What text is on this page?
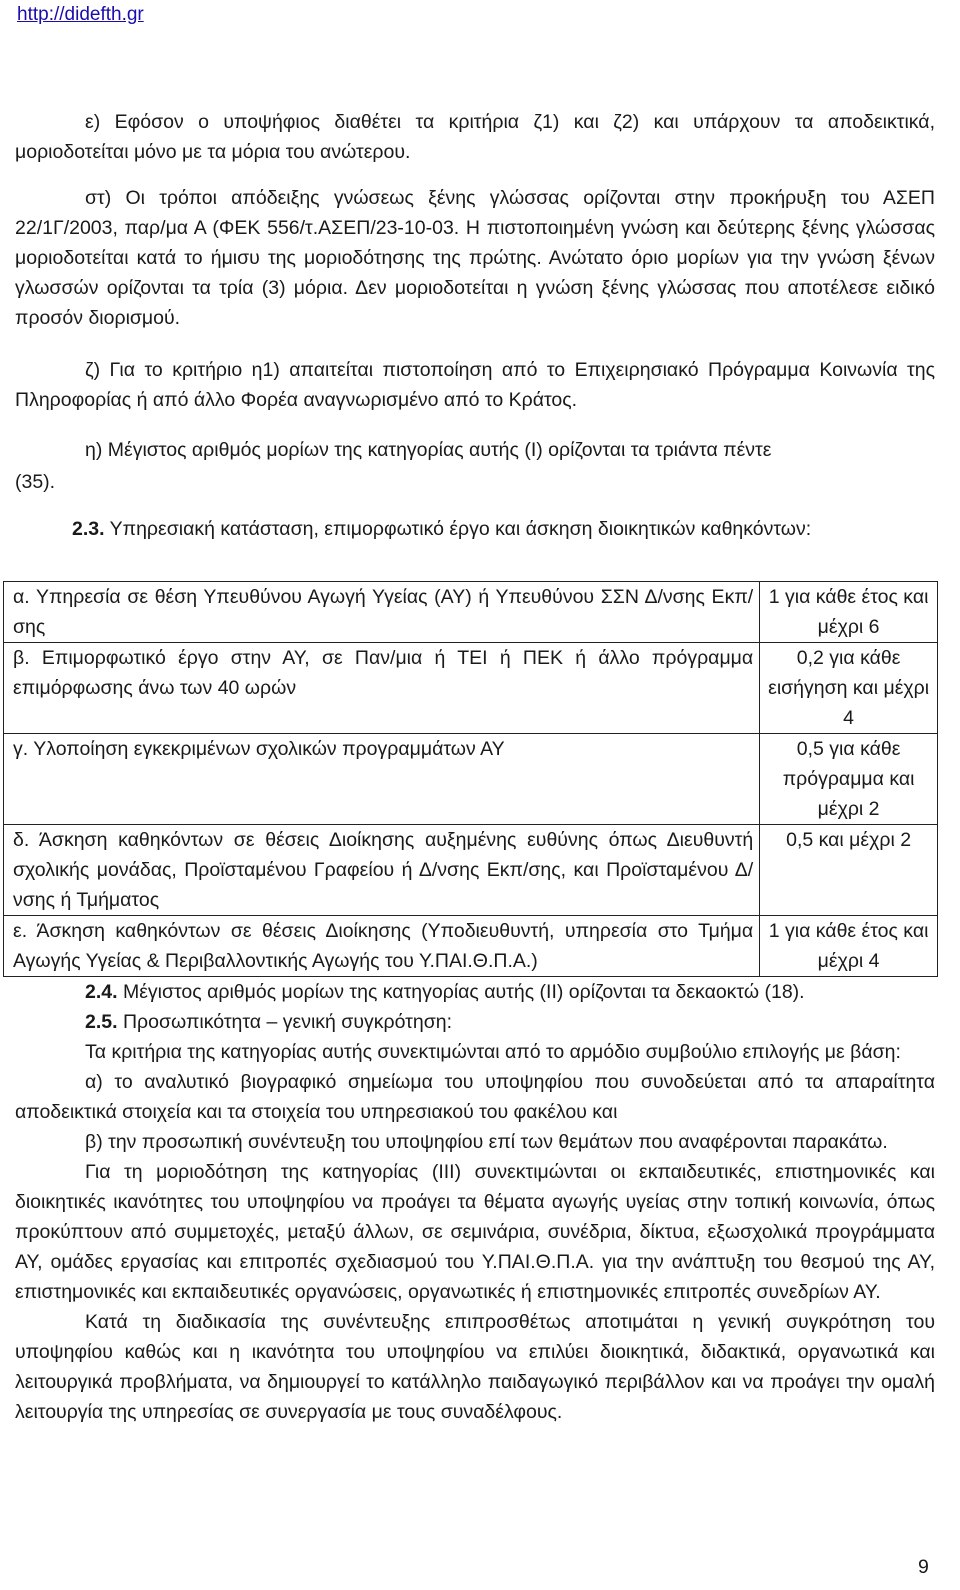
http://didefth.gr

ε) Εφόσον ο υποψήφιος διαθέτει τα κριτήρια ζ1) και ζ2) και υπάρχουν τα αποδεικτικά, μοριοδοτείται μόνο με τα μόρια του ανώτερου.

στ) Οι τρόποι απόδειξης γνώσεως ξένης γλώσσας ορίζονται στην προκήρυξη του ΑΣΕΠ 22/1Γ/2003, παρ/μα Α (ΦΕΚ 556/τ.ΑΣΕΠ/23-10-03. Η πιστοποιημένη γνώση και δεύτερης ξένης γλώσσας μοριοδοτείται κατά το ήμισυ της μοριοδότησης της πρώτης. Ανώτατο όριο μορίων για την γνώση ξένων γλωσσών ορίζονται τα τρία (3) μόρια. Δεν μοριοδοτείται η γνώση ξένης γλώσσας που αποτέλεσε ειδικό προσόν διορισμού.

ζ) Για το κριτήριο η1) απαιτείται πιστοποίηση από το Επιχειρησιακό Πρόγραμμα Κοινωνία της Πληροφορίας ή από άλλο Φορέα αναγνωρισμένο από το Κράτος.

η) Μέγιστος αριθμός μορίων της κατηγορίας αυτής (Ι) ορίζονται τα τριάντα πέντε
(35).

2.3. Υπηρεσιακή κατάσταση, επιμορφωτικό έργο και άσκηση διοικητικών καθηκόντων:

α. Υπηρεσία σε θέση Υπευθύνου Αγωγή Υγείας (ΑΥ) ή Υπευθύνου ΣΣΝ Δ/νσης Εκπ/σης	1 για κάθε έτος και μέχρι 6
β. Επιμορφωτικό έργο στην ΑΥ, σε Παν/μια ή ΤΕΙ ή ΠΕΚ ή άλλο πρόγραμμα επιμόρφωσης άνω των 40 ωρών	0,2 για κάθε εισήγηση και μέχρι 4
γ. Υλοποίηση εγκεκριμένων σχολικών προγραμμάτων ΑΥ	0,5 για κάθε πρόγραμμα και μέχρι 2
δ. Άσκηση καθηκόντων σε θέσεις Διοίκησης αυξημένης ευθύνης όπως Διευθυντή σχολικής μονάδας, Προϊσταμένου Γραφείου ή Δ/νσης Εκπ/σης, και Προϊσταμένου Δ/νσης ή Τμήματος	0,5 και μέχρι 2
ε. Άσκηση καθηκόντων σε θέσεις Διοίκησης (Υποδιευθυντή, υπηρεσία στο Τμήμα Αγωγής Υγείας & Περιβαλλοντικής Αγωγής του Υ.ΠΑΙ.Θ.Π.Α.)	1 για κάθε έτος και μέχρι 4

2.4. Μέγιστος αριθμός μορίων της κατηγορίας αυτής (ΙΙ) ορίζονται τα δεκαοκτώ (18).

2.5. Προσωπικότητα – γενική συγκρότηση:

Τα κριτήρια της κατηγορίας αυτής συνεκτιμώνται από το αρμόδιο συμβούλιο επιλογής με βάση:

α) το αναλυτικό βιογραφικό σημείωμα του υποψηφίου που συνοδεύεται από τα απαραίτητα αποδεικτικά στοιχεία και τα στοιχεία του υπηρεσιακού του φακέλου και

β) την προσωπική συνέντευξη του υποψηφίου επί των θεμάτων που αναφέρονται παρακάτω.

Για τη μοριοδότηση της κατηγορίας (ΙΙΙ) συνεκτιμώνται οι εκπαιδευτικές, επιστημονικές και διοικητικές ικανότητες του υποψηφίου να προάγει τα θέματα αγωγής υγείας στην τοπική κοινωνία, όπως προκύπτουν από συμμετοχές, μεταξύ άλλων, σε σεμινάρια, συνέδρια, δίκτυα, εξωσχολικά προγράμματα ΑΥ, ομάδες εργασίας και επιτροπές σχεδιασμού του Υ.ΠΑΙ.Θ.Π.Α. για την ανάπτυξη του θεσμού της ΑΥ, επιστημονικές και εκπαιδευτικές οργανώσεις, οργανωτικές ή επιστημονικές επιτροπές συνεδρίων ΑΥ.

Κατά τη διαδικασία της συνέντευξης επιπροσθέτως αποτιμάται η γενική συγκρότηση του υποψηφίου καθώς και η ικανότητα του υποψηφίου να επιλύει διοικητικά, διδακτικά, οργανωτικά και λειτουργικά προβλήματα, να δημιουργεί το κατάλληλο παιδαγωγικό περιβάλλον και να προάγει την ομαλή λειτουργία της υπηρεσίας σε συνεργασία με τους συναδέλφους.

9
